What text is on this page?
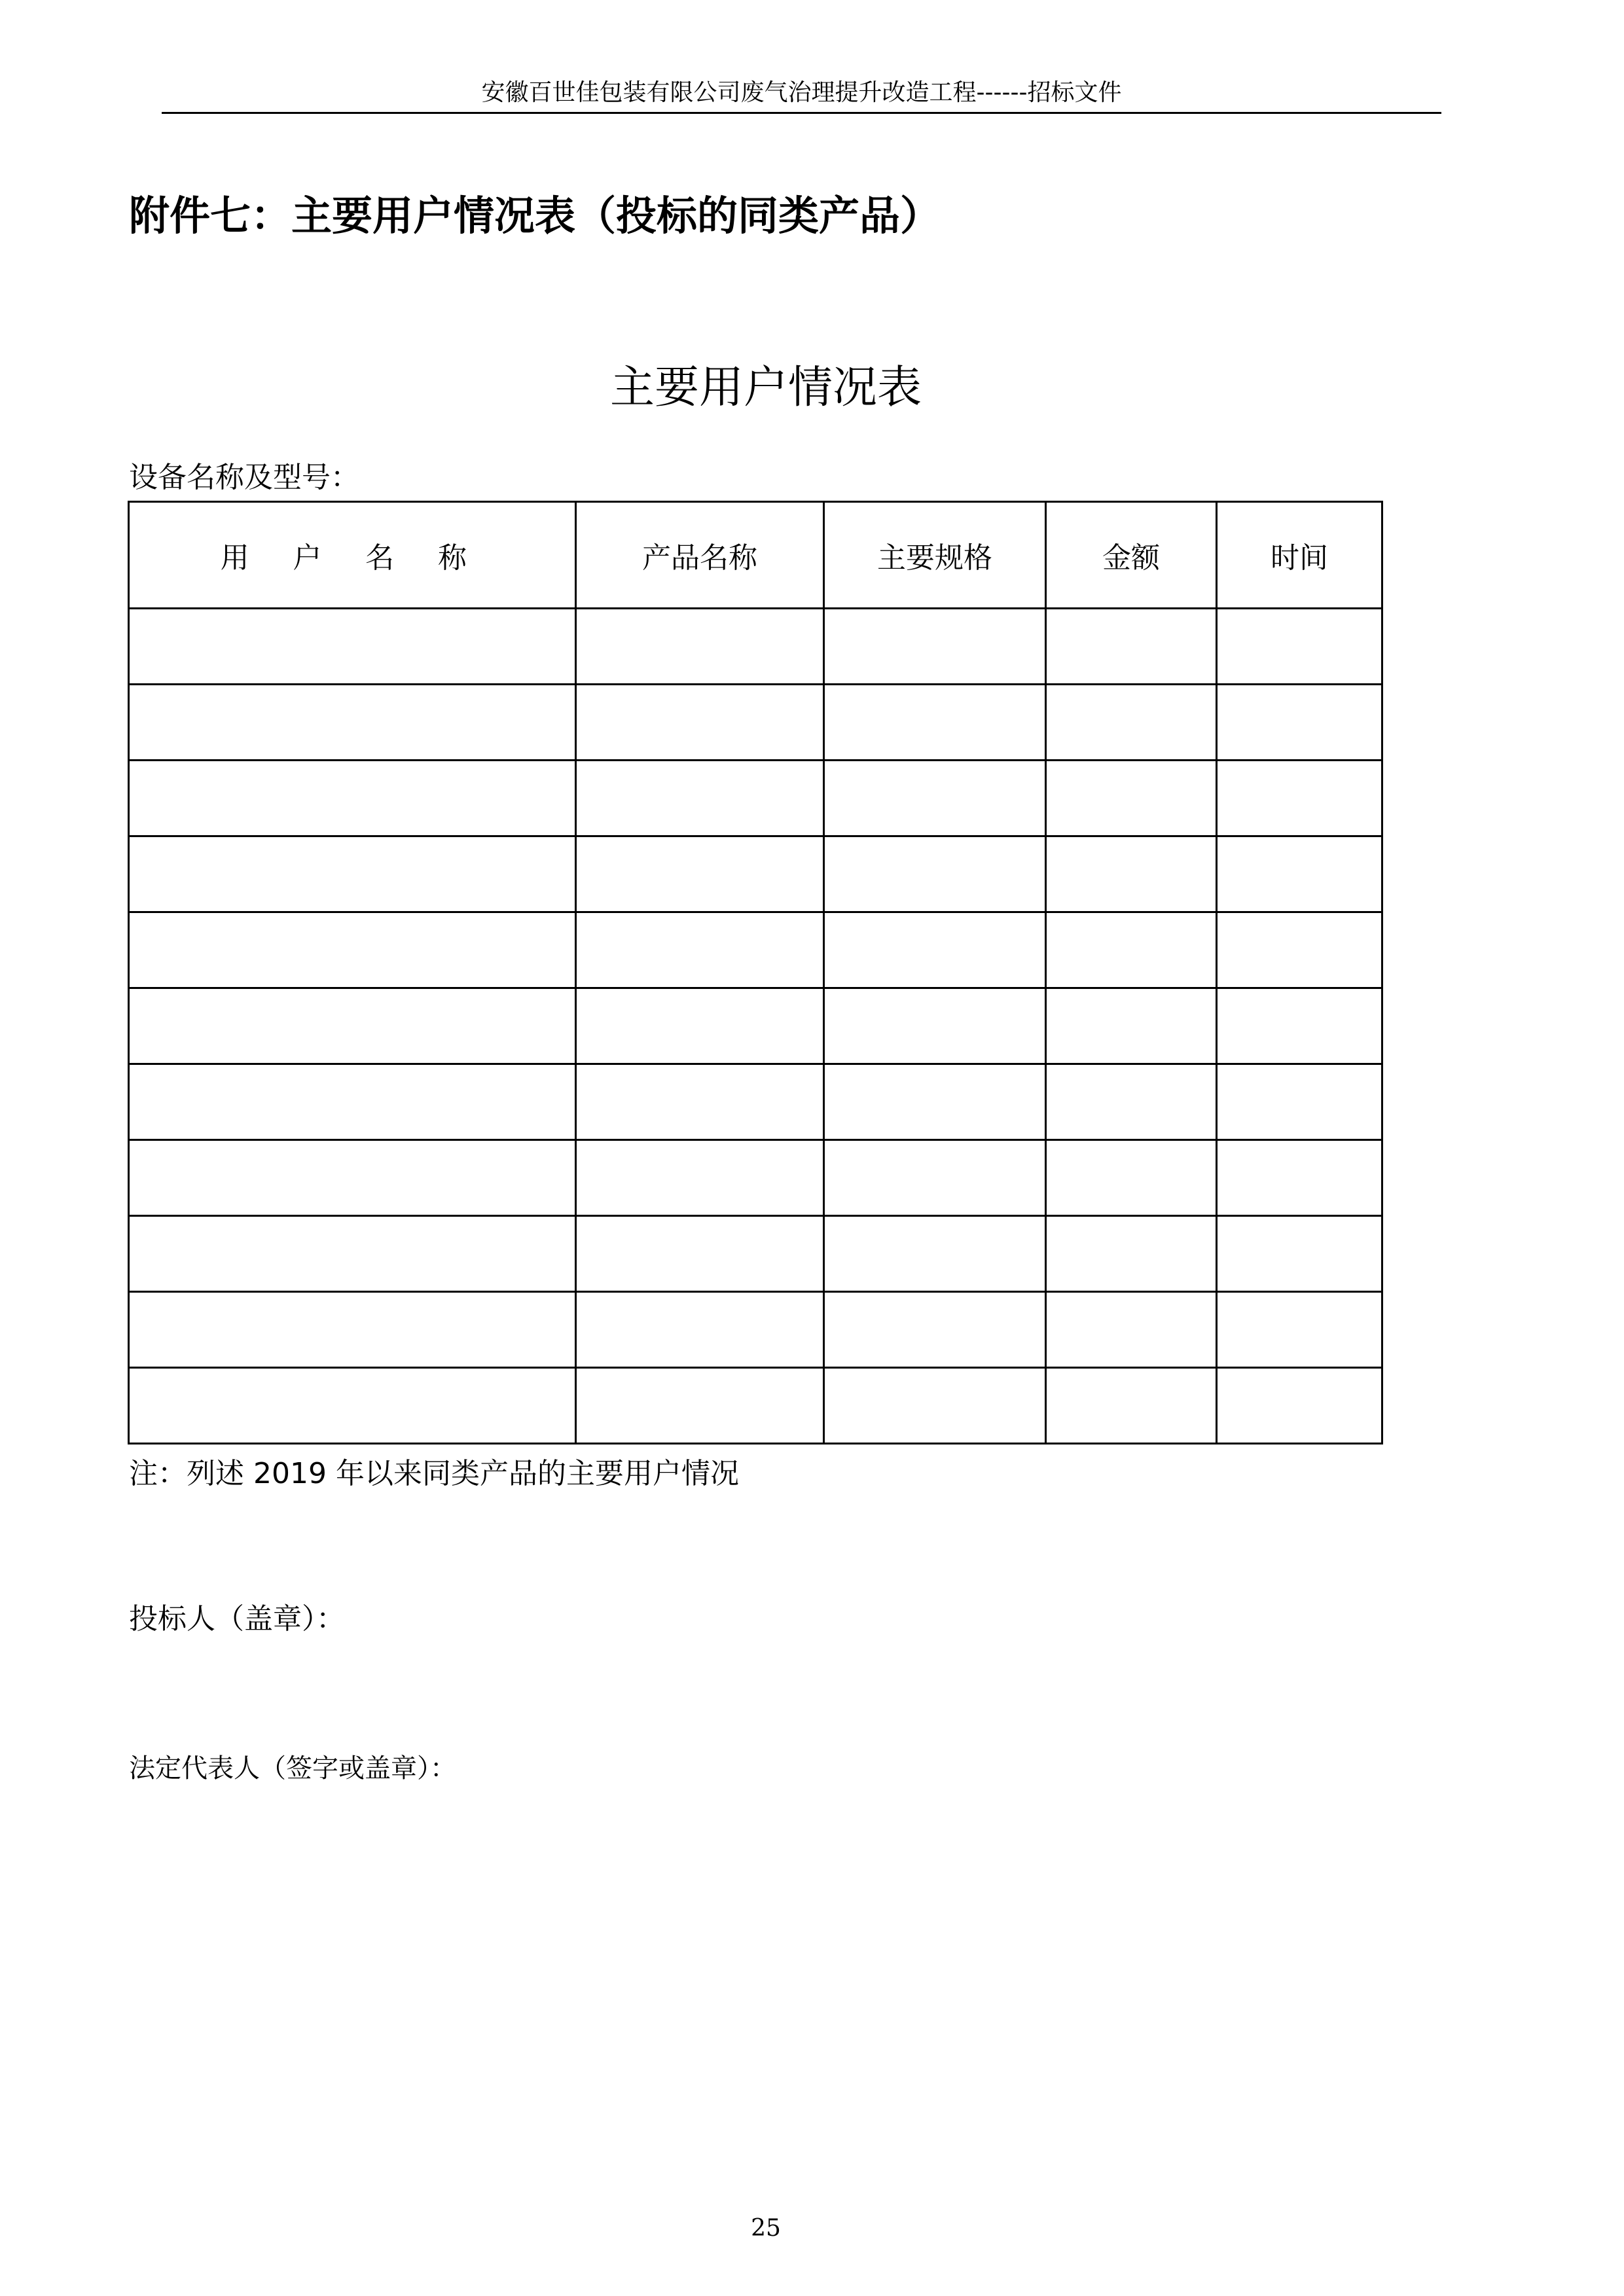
安徽百世佳包装有限公司废气治理提升改造工程------招标文件
附件七：主要用户情况表（投标的同类产品）
主要用户情况表
设备名称及型号：
用 户 名 称	产品名称	主要规格	金额	时间

注：列述 2019 年以来同类产品的主要用户情况
投标人（盖章）：
法定代表人（签字或盖章）：
25
